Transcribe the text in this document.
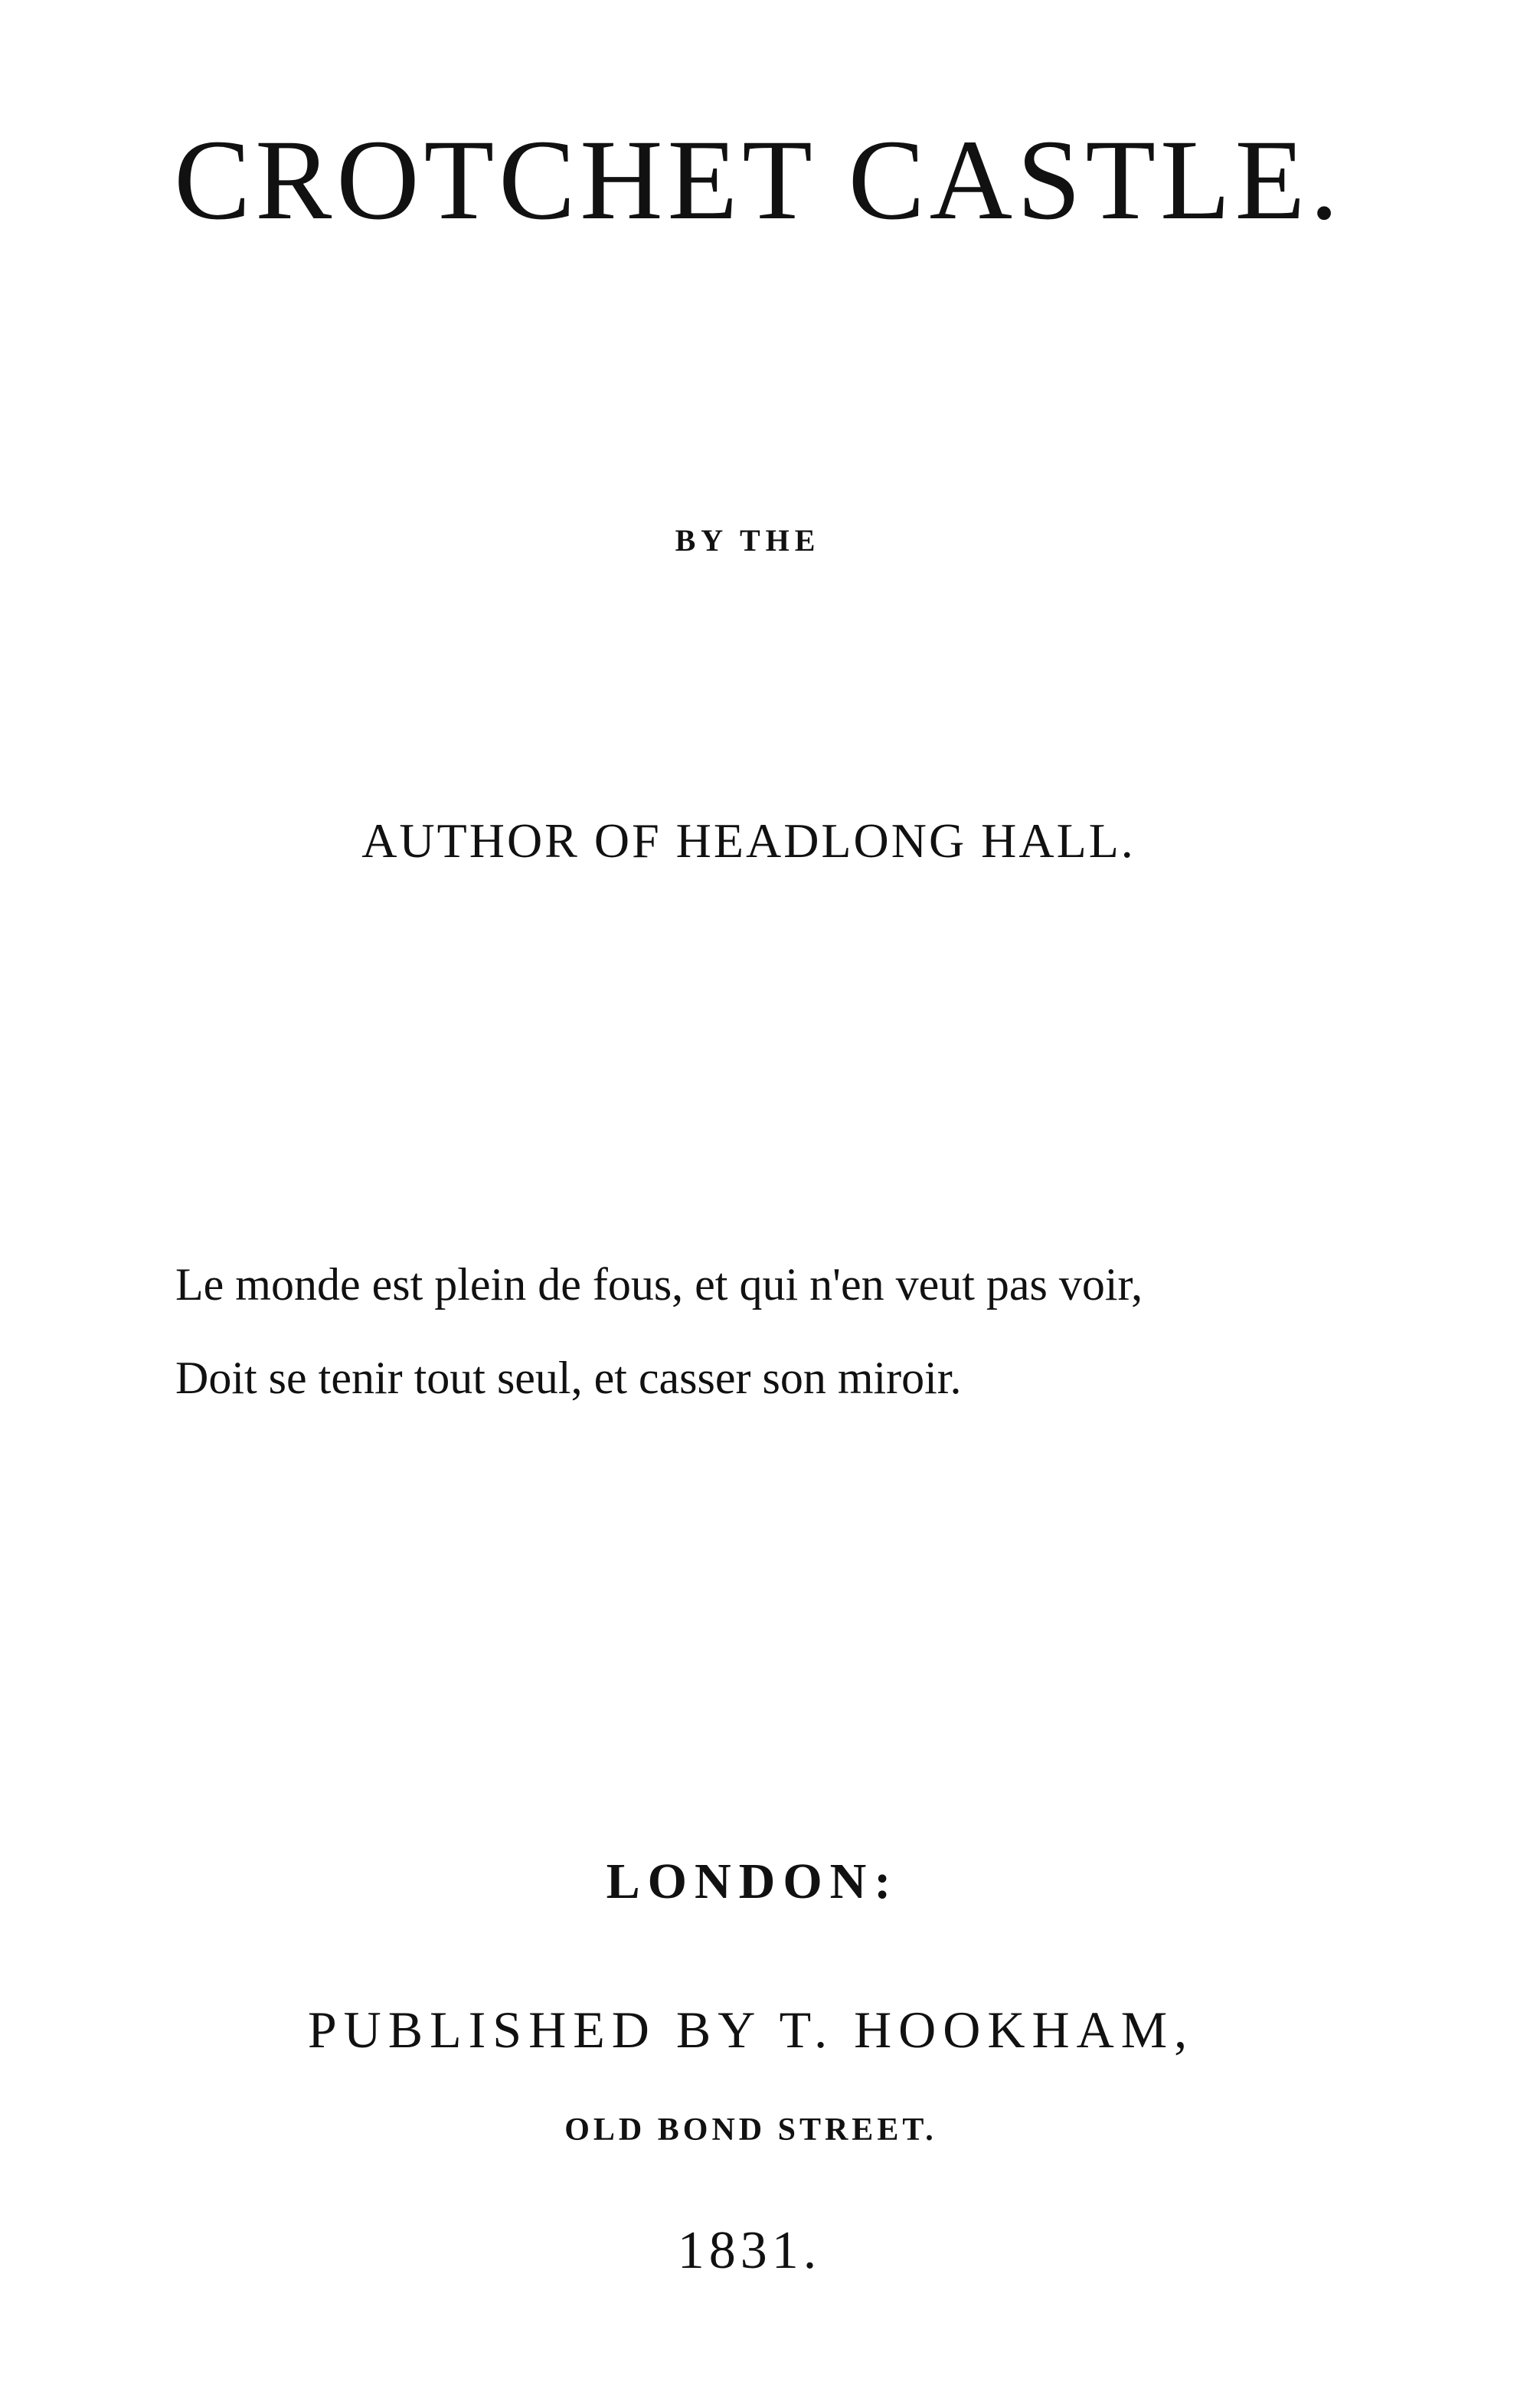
CROTCHET CASTLE.

BY THE

AUTHOR OF HEADLONG HALL.

Le monde est plein de fous, et qui n'en veut pas voir,
Doit se tenir tout seul, et casser son miroir.

LONDON:

PUBLISHED BY T. HOOKHAM,

OLD BOND STREET.

1831.
